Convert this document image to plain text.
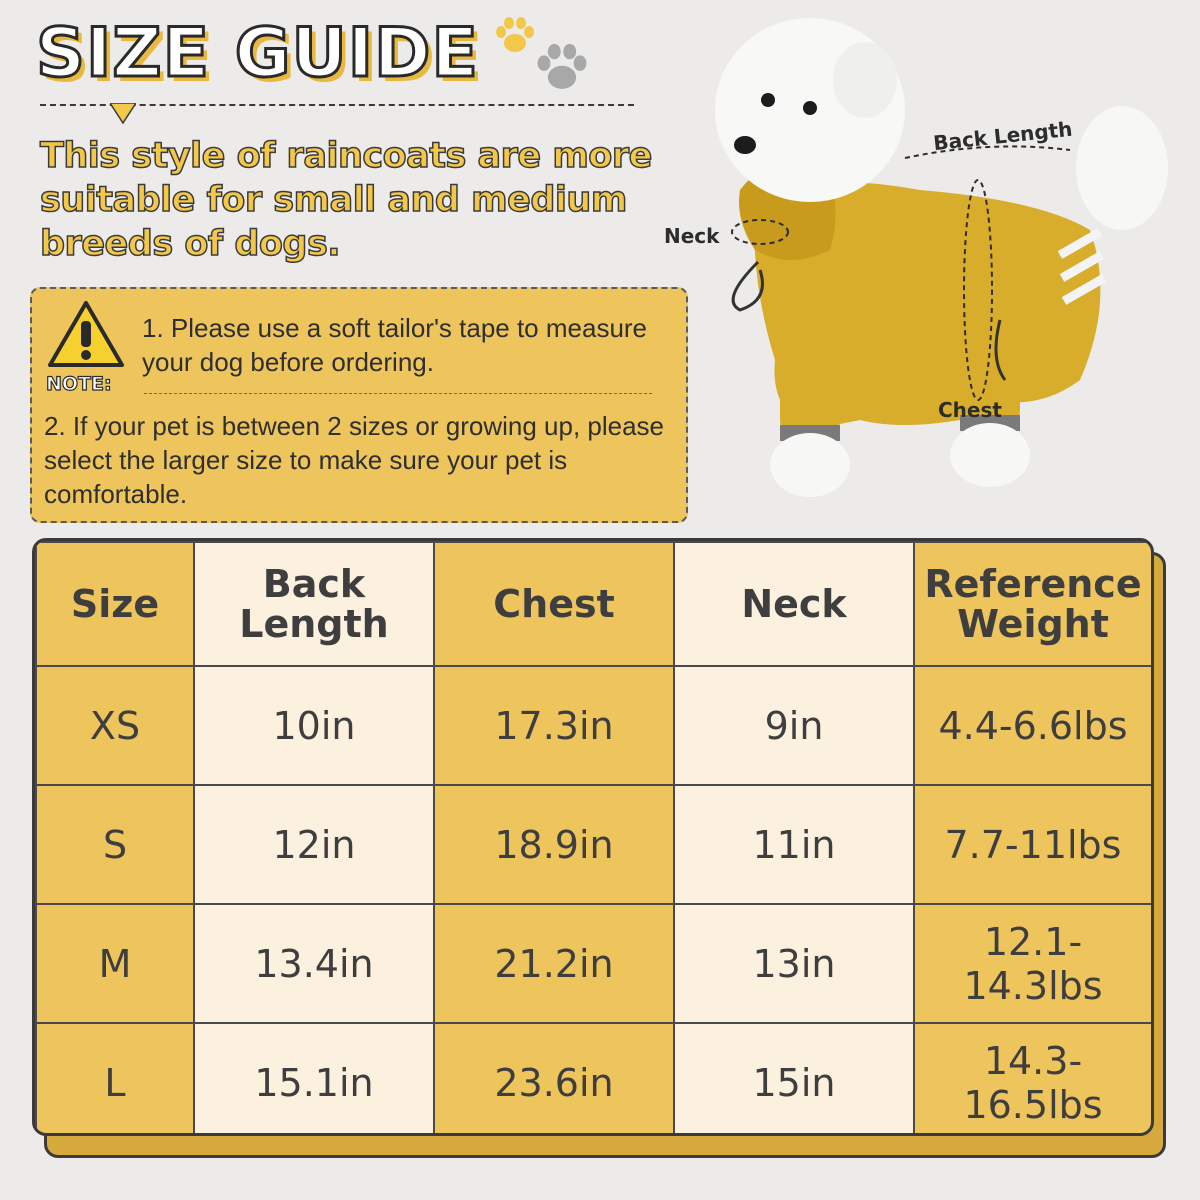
SIZE GUIDE
This style of raincoats are more suitable for small and medium breeds of dogs.
NOTE:
1. Please use a soft tailor's tape to measure your dog before ordering.
2. If your pet is between 2 sizes or growing up, please select the larger size to make sure your pet is comfortable.
Back Length
Neck
Chest
Size	Back Length	Chest	Neck	Reference Weight
XS	10in	17.3in	9in	4.4-6.6lbs
S	12in	18.9in	11in	7.7-11lbs
M	13.4in	21.2in	13in	12.1-14.3lbs
L	15.1in	23.6in	15in	14.3-16.5lbs
